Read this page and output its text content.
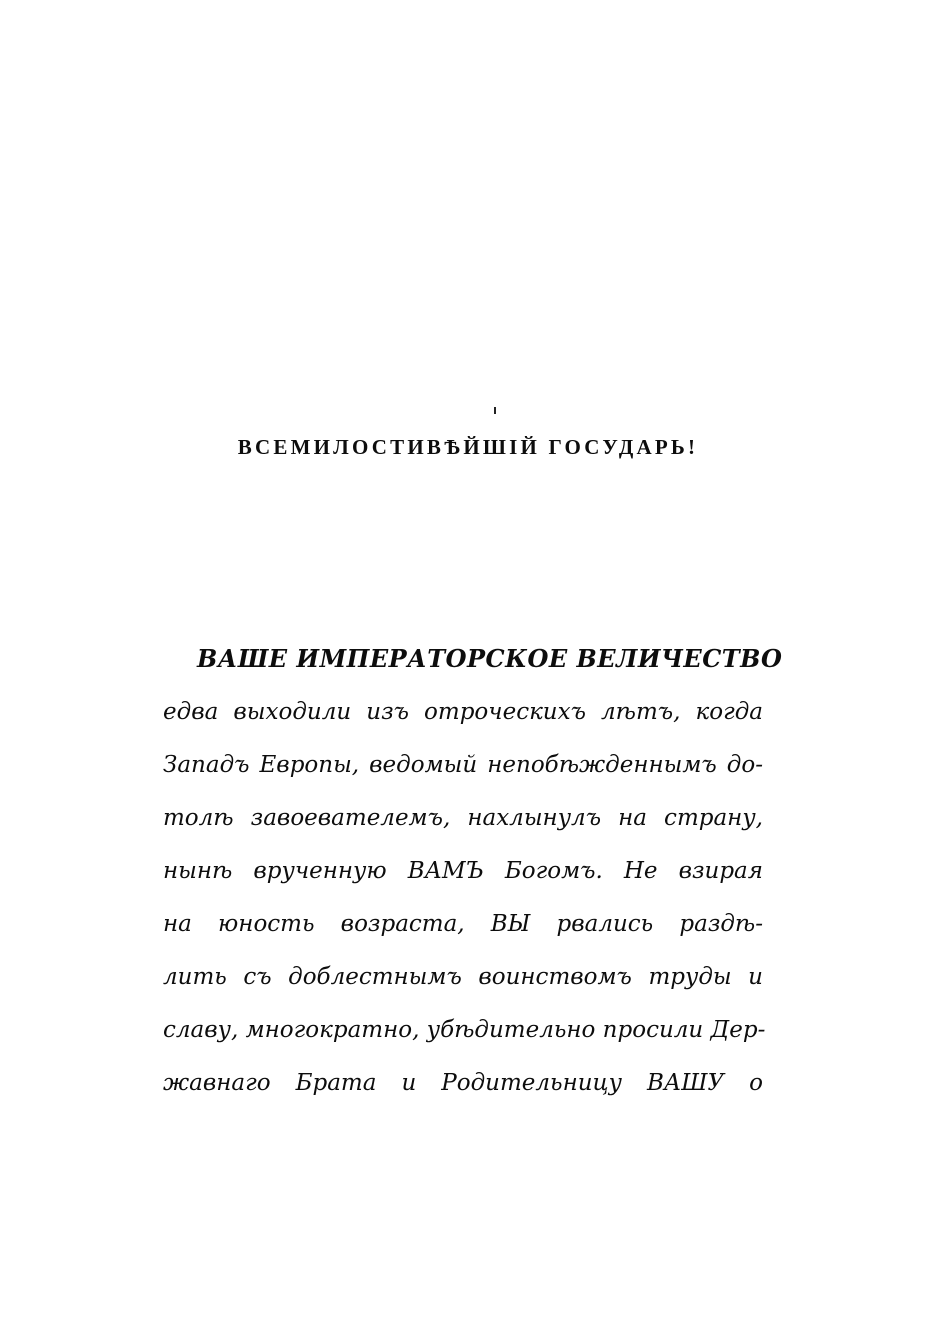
ВСЕМИЛОСТИВѢЙШІЙ ГОСУДАРЬ!
ВАШЕ ИМПЕРАТОРСКОЕ ВЕЛИЧЕСТВО
едва выходили изъ отроческихъ лѣтъ, когда
Западъ Европы, ведомый непобѣжденнымъ до-
толѣ завоевателемъ, нахлынулъ на страну,
нынѣ врученную ВАМЪ Богомъ. Не взирая
на юность возраста, ВЫ рвались раздѣ-
лить съ доблестнымъ воинствомъ труды и
славу, многократно, убѣдительно просили Дер-
жавнаго Брата и Родительницу ВАШУ о
